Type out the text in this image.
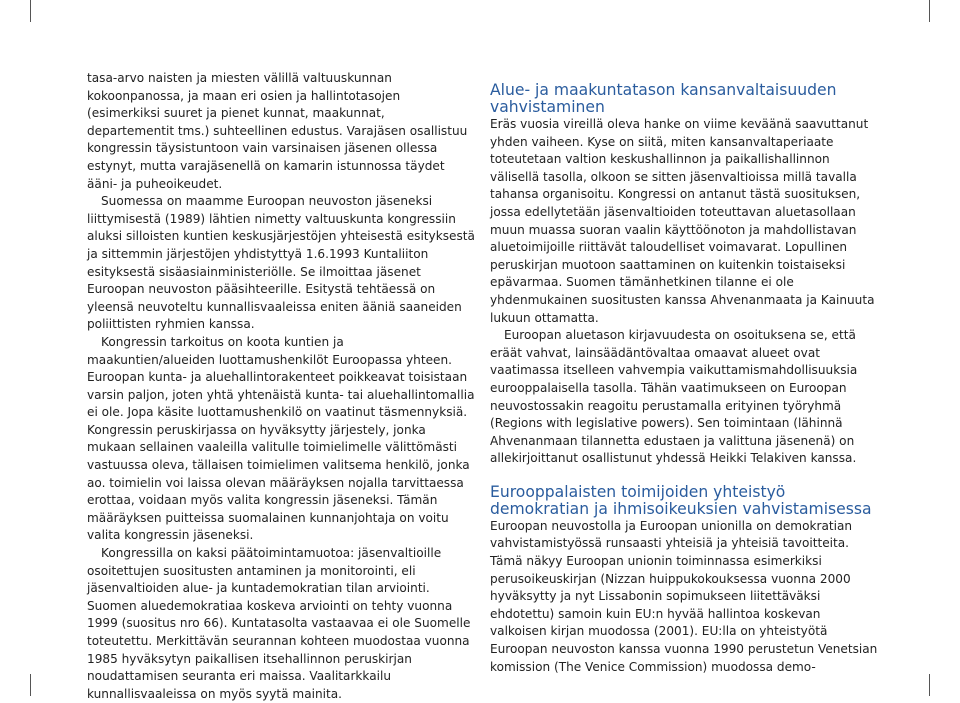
tasa-arvo naisten ja miesten välillä valtuuskunnan kokoonpanossa, ja maan eri osien ja hallintotasojen (esimerkiksi suuret ja pienet kunnat, maakunnat, departementit tms.) suhteellinen edustus. Varajäsen osallistuu kongressin täysistuntoon vain varsinaisen jäsenen ollessa estynyt, mutta varajäsenellä on kamarin istunnossa täydet ääni- ja puheoikeudet.

Suomessa on maamme Euroopan neuvoston jäseneksi liittymisestä (1989) lähtien nimetty valtuuskunta kongressiin aluksi silloisten kuntien keskusjärjestöjen yhteisestä esityksestä ja sittemmin järjestöjen yhdistyttyä 1.6.1993 Kuntaliiton esityksestä sisäasiainministeriölle. Se ilmoittaa jäsenet Euroopan neuvoston pääsihteerille. Esitystä tehtäessä on yleensä neuvoteltu kunnallisvaaleissa eniten ääniä saaneiden poliittisten ryhmien kanssa.

Kongressin tarkoitus on koota kuntien ja maakuntien/alueiden luottamushenkilöt Euroopassa yhteen. Euroopan kunta- ja aluehallintorakenteet poikkeavat toisistaan varsin paljon, joten yhtä yhtenäistä kunta- tai aluehallintomallia ei ole. Jopa käsite luottamushenkilö on vaatinut täsmennyksiä. Kongressin peruskirjassa on hyväksytty järjestely, jonka mukaan sellainen vaaleilla valitulle toimielimelle välittömästi vastuussa oleva, tällaisen toimielimen valitsema henkilö, jonka ao. toimielin voi laissa olevan määräyksen nojalla tarvittaessa erottaa, voidaan myös valita kongressin jäseneksi. Tämän määräyksen puitteissa suomalainen kunnanjohtaja on voitu valita kongressin jäseneksi.

Kongressilla on kaksi päätoimintamuotoa: jäsenvaltioille osoitettujen suositusten antaminen ja monitorointi, eli jäsenvaltioiden alue- ja kuntademokratian tilan arviointi. Suomen aluedemokratiaa koskeva arviointi on tehty vuonna 1999 (suositus nro 66). Kuntatasolta vastaavaa ei ole Suomelle toteutettu. Merkittävän seurannan kohteen muodostaa vuonna 1985 hyväksytyn paikallisen itsehallinnon peruskirjan noudattamisen seuranta eri maissa. Vaalitarkkailu kunnallisvaaleissa on myös syytä mainita.

Alue- ja maakuntatason kansanvaltaisuuden vahvistaminen

Eräs vuosia vireillä oleva hanke on viime keväänä saavuttanut yhden vaiheen. Kyse on siitä, miten kansanvaltaperiaate toteutetaan valtion keskushallinnon ja paikallishallinnon välisellä tasolla, olkoon se sitten jäsenvaltioissa millä tavalla tahansa organisoitu. Kongressi on antanut tästä suosituksen, jossa edellytetään jäsenvaltioiden toteuttavan aluetasollaan muun muassa suoran vaalin käyttöönoton ja mahdollistavan aluetoimijoille riittävät taloudelliset voimavarat. Lopullinen peruskirjan muotoon saattaminen on kuitenkin toistaiseksi epävarmaa. Suomen tämänhetkinen tilanne ei ole yhdenmukainen suositusten kanssa Ahvenanmaata ja Kainuuta lukuun ottamatta.

Euroopan aluetason kirjavuudesta on osoituksena se, että eräät vahvat, lainsäädäntövaltaa omaavat alueet ovat vaatimassa itselleen vahvempia vaikuttamismahdollisuuksia eurooppalaisella tasolla. Tähän vaatimukseen on Euroopan neuvostossakin reagoitu perustamalla erityinen työryhmä (Regions with legislative powers). Sen toimintaan (lähinnä Ahvenanmaan tilannetta edustaen ja valittuna jäsenenä) on allekirjoittanut osallistunut yhdessä Heikki Telakiven kanssa.

Eurooppalaisten toimijoiden yhteistyö demokratian ja ihmisoikeuksien vahvistamisessa

Euroopan neuvostolla ja Euroopan unionilla on demokratian vahvistamistyössä runsaasti yhteisiä ja yhteisiä tavoitteita. Tämä näkyy Euroopan unionin toiminnassa esimerkiksi perusoikeuskirjan (Nizzan huippukokouksessa vuonna 2000 hyväksytty ja nyt Lissabonin sopimukseen liitettäväksi ehdotettu) samoin kuin EU:n hyvää hallintoa koskevan valkoisen kirjan muodossa (2001). EU:lla on yhteistyötä Euroopan neuvoston kanssa vuonna 1990 perustetun Venetsian komission (The Venice Commission) muodossa demo-
